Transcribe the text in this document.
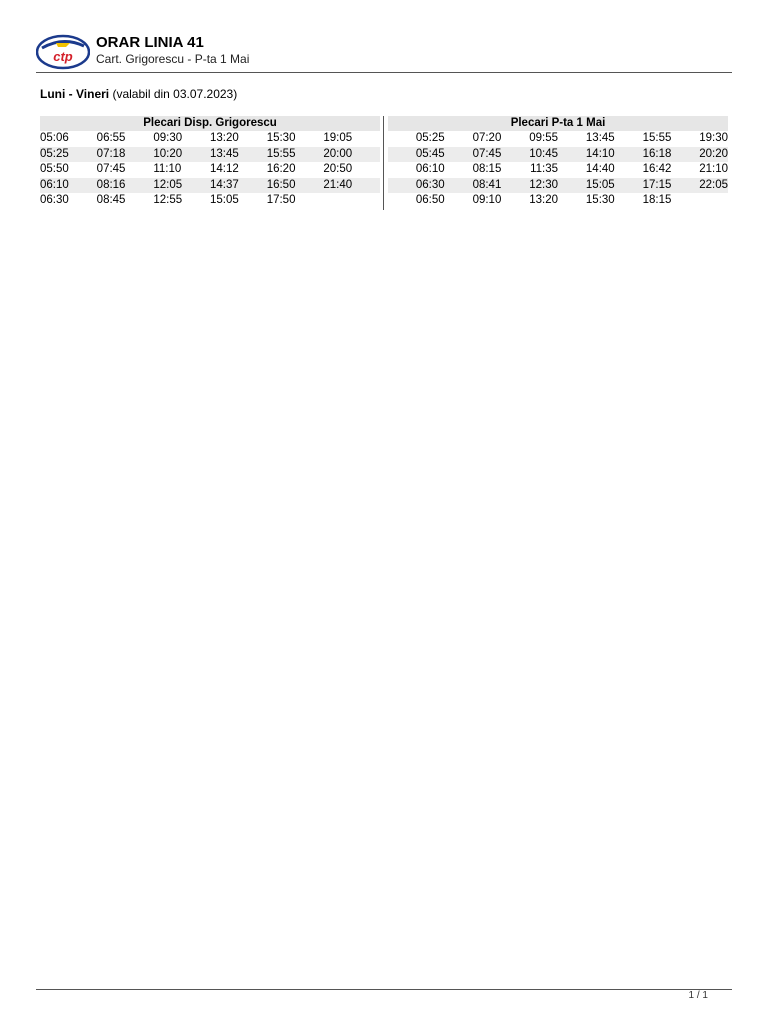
ctp
ORAR LINIA 41
Cart. Grigorescu - P-ta 1 Mai
Luni - Vineri (valabil din 03.07.2023)
Plecari Disp. Grigorescu
05:06	06:55	09:30	13:20	15:30	19:05
05:25	07:18	10:20	13:45	15:55	20:00
05:50	07:45	11:10	14:12	16:20	20:50
06:10	08:16	12:05	14:37	16:50	21:40
06:30	08:45	12:55	15:05	17:50
Plecari P-ta 1 Mai
05:25	07:20	09:55	13:45	15:55	19:30
05:45	07:45	10:45	14:10	16:18	20:20
06:10	08:15	11:35	14:40	16:42	21:10
06:30	08:41	12:30	15:05	17:15	22:05
06:50	09:10	13:20	15:30	18:15
1 / 1
